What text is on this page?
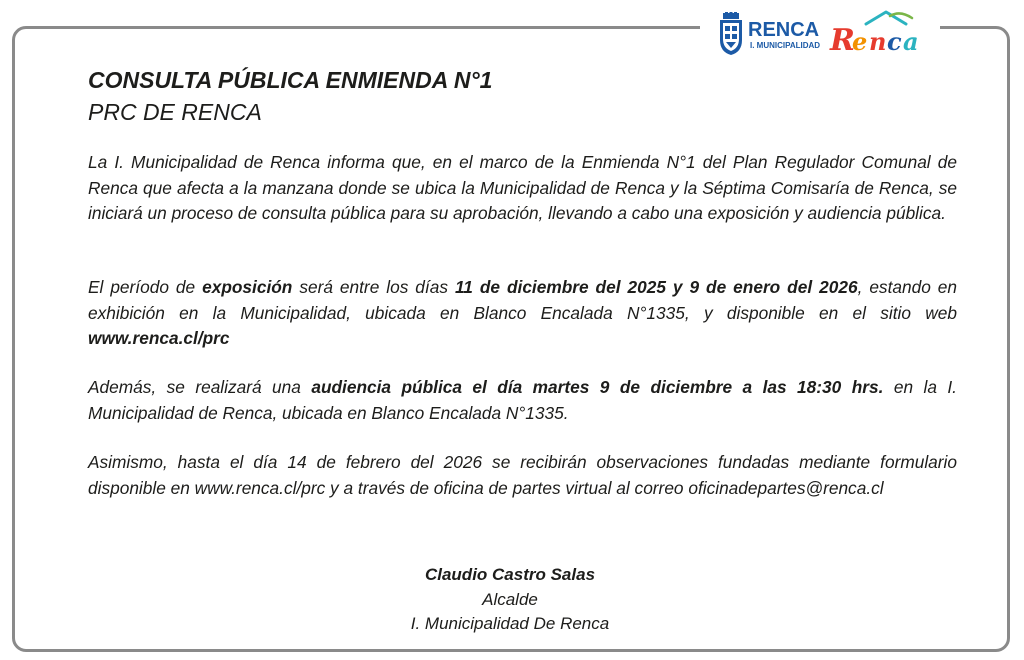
RENCA
I. MUNICIPALIDAD R
e n c a
CONSULTA PÚBLICA ENMIENDA N°1
PRC DE RENCA

La I. Municipalidad de Renca informa que, en el marco de la Enmienda N°1 del Plan Regulador Comunal de Renca que afecta a la manzana donde se ubica la Municipalidad de Renca y la Séptima Comisaría de Renca, se iniciará un proceso de consulta pública para su aprobación, llevando a cabo una exposición y audiencia pública.

El período de exposición será entre los días 11 de diciembre del 2025 y 9 de enero del 2026, estando en exhibición en la Municipalidad, ubicada en Blanco Encalada N°1335, y disponible en el sitio web www.renca.cl/prc

Además, se realizará una audiencia pública el día martes 9 de diciembre a las 18:30 hrs. en la I. Municipalidad de Renca, ubicada en Blanco Encalada N°1335.

Asimismo, hasta el día 14 de febrero del 2026 se recibirán observaciones fundadas mediante formulario disponible en www.renca.cl/prc y a través de oficina de partes virtual al correo oficinadepartes@renca.cl

Claudio Castro Salas

Alcalde

I. Municipalidad De Renca
